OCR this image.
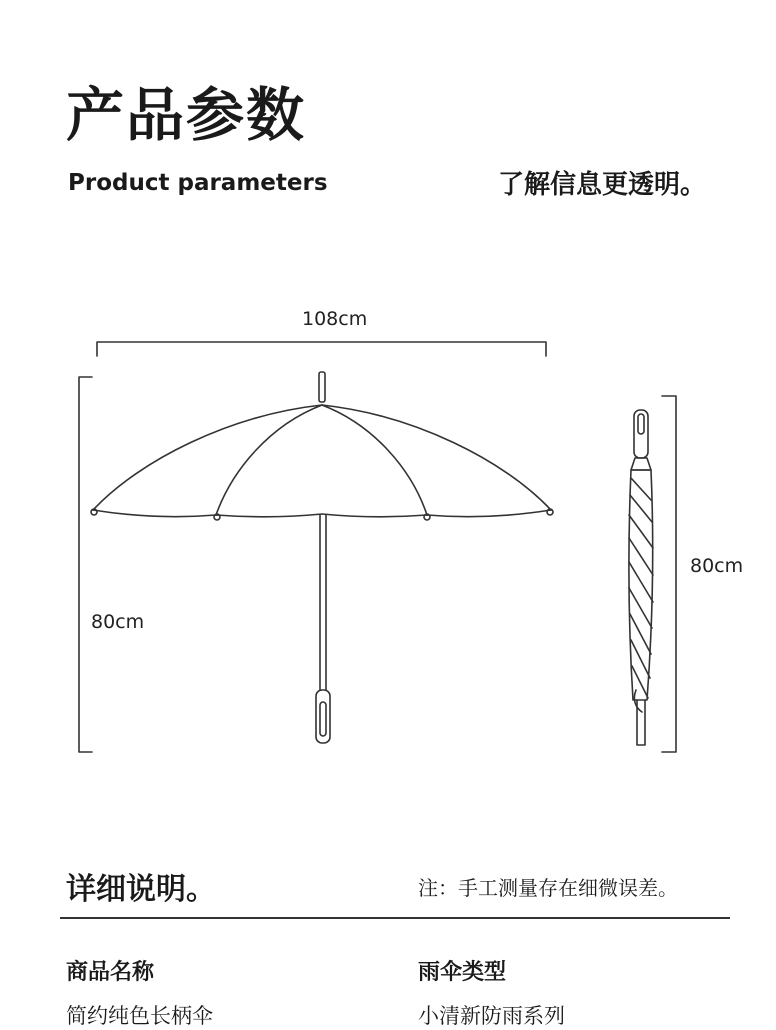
产品参数
Product parameters	了解信息更透明。
108cm
80cm
80cm
详细说明。	注：手工测量存在细微误差。
商品名称
简约纯色长柄伞
雨伞类型
小清新防雨系列
